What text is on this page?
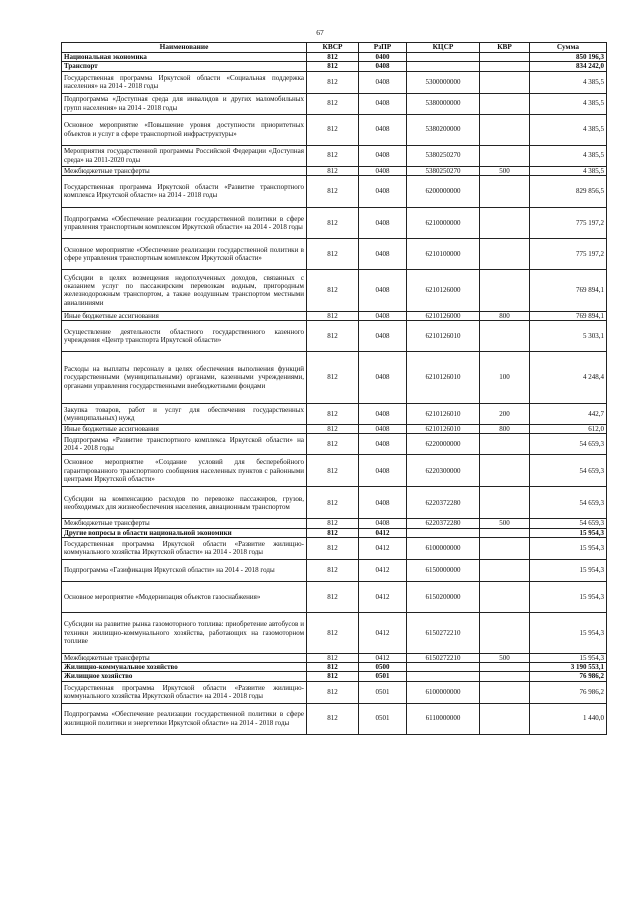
67
Наименование	КВСР	РзПР	КЦСР	КВР	Сумма
Национальная экономика	812	0400			850 196,3
Транспорт	812	0408			834 242,0
Государственная программа Иркутской области «Социальная поддержка населения» на 2014 - 2018 годы	812	0408	5300000000		4 385,5
Подпрограмма «Доступная среда для инвалидов и других маломобильных групп населения» на 2014 - 2018 годы	812	0408	5380000000		4 385,5
Основное мероприятие «Повышение уровня доступности приоритетных объектов и услуг в сфере транспортной инфраструктуры»	812	0408	5380200000		4 385,5
Мероприятия государственной программы Российской Федерации «Доступная среда» на 2011-2020 годы	812	0408	5380250270		4 385,5
Межбюджетные трансферты	812	0408	5380250270	500	4 385,5
Государственная программа Иркутской области «Развитие транспортного комплекса Иркутской области» на 2014 - 2018 годы	812	0408	6200000000		829 856,5
Подпрограмма «Обеспечение реализации государственной политики в сфере управления транспортным комплексом Иркутской области» на 2014 - 2018 годы	812	0408	6210000000		775 197,2
Основное мероприятие «Обеспечение реализации государственной политики в сфере управления транспортным комплексом Иркутской области»	812	0408	6210100000		775 197,2
Субсидии в целях возмещения недополученных доходов, связанных с оказанием услуг по пассажирским перевозкам водным, пригородным железнодорожным транспортом, а также воздушным транспортом местными авиалиниями	812	0408	6210126000		769 894,1
Иные бюджетные ассигнования	812	0408	6210126000	800	769 894,1
Осуществление деятельности областного государственного казенного учреждения «Центр транспорта Иркутской области»	812	0408	6210126010		5 303,1
Расходы на выплаты персоналу в целях обеспечения выполнения функций государственными (муниципальными) органами, казенными учреждениями, органами управления государственными внебюджетными фондами	812	0408	6210126010	100	4 248,4
Закупка товаров, работ и услуг для обеспечения государственных (муниципальных) нужд	812	0408	6210126010	200	442,7
Иные бюджетные ассигнования	812	0408	6210126010	800	612,0
Подпрограмма «Развитие транспортного комплекса Иркутской области» на 2014 - 2018 годы	812	0408	6220000000		54 659,3
Основное мероприятие «Создание условий для бесперебойного гарантированного транспортного сообщения населенных пунктов с районными центрами Иркутской области»	812	0408	6220300000		54 659,3
Субсидии на компенсацию расходов по перевозке пассажиров, грузов, необходимых для жизнеобеспечения населения, авиационным транспортом	812	0408	6220372280		54 659,3
Межбюджетные трансферты	812	0408	6220372280	500	54 659,3
Другие вопросы в области национальной экономики	812	0412			15 954,3
Государственная программа Иркутской области «Развитие жилищно-коммунального хозяйства Иркутской области» на 2014 - 2018 годы	812	0412	6100000000		15 954,3
Подпрограмма «Газификация Иркутской области» на 2014 - 2018 годы	812	0412	6150000000		15 954,3
Основное мероприятие «Модернизация объектов газоснабжения»	812	0412	6150200000		15 954,3
Субсидии на развитие рынка газомоторного топлива: приобретение автобусов и техники жилищно-коммунального хозяйства, работающих на газомоторном топливе	812	0412	6150272210		15 954,3
Межбюджетные трансферты	812	0412	6150272210	500	15 954,3
Жилищно-коммунальное хозяйство	812	0500			3 190 553,1
Жилищное хозяйство	812	0501			76 986,2
Государственная программа Иркутской области «Развитие жилищно-коммунального хозяйства Иркутской области» на 2014 - 2018 годы	812	0501	6100000000		76 986,2
Подпрограмма «Обеспечение реализации государственной политики в сфере жилищной политики и энергетики Иркутской области» на 2014 - 2018 годы	812	0501	6110000000		1 440,0
